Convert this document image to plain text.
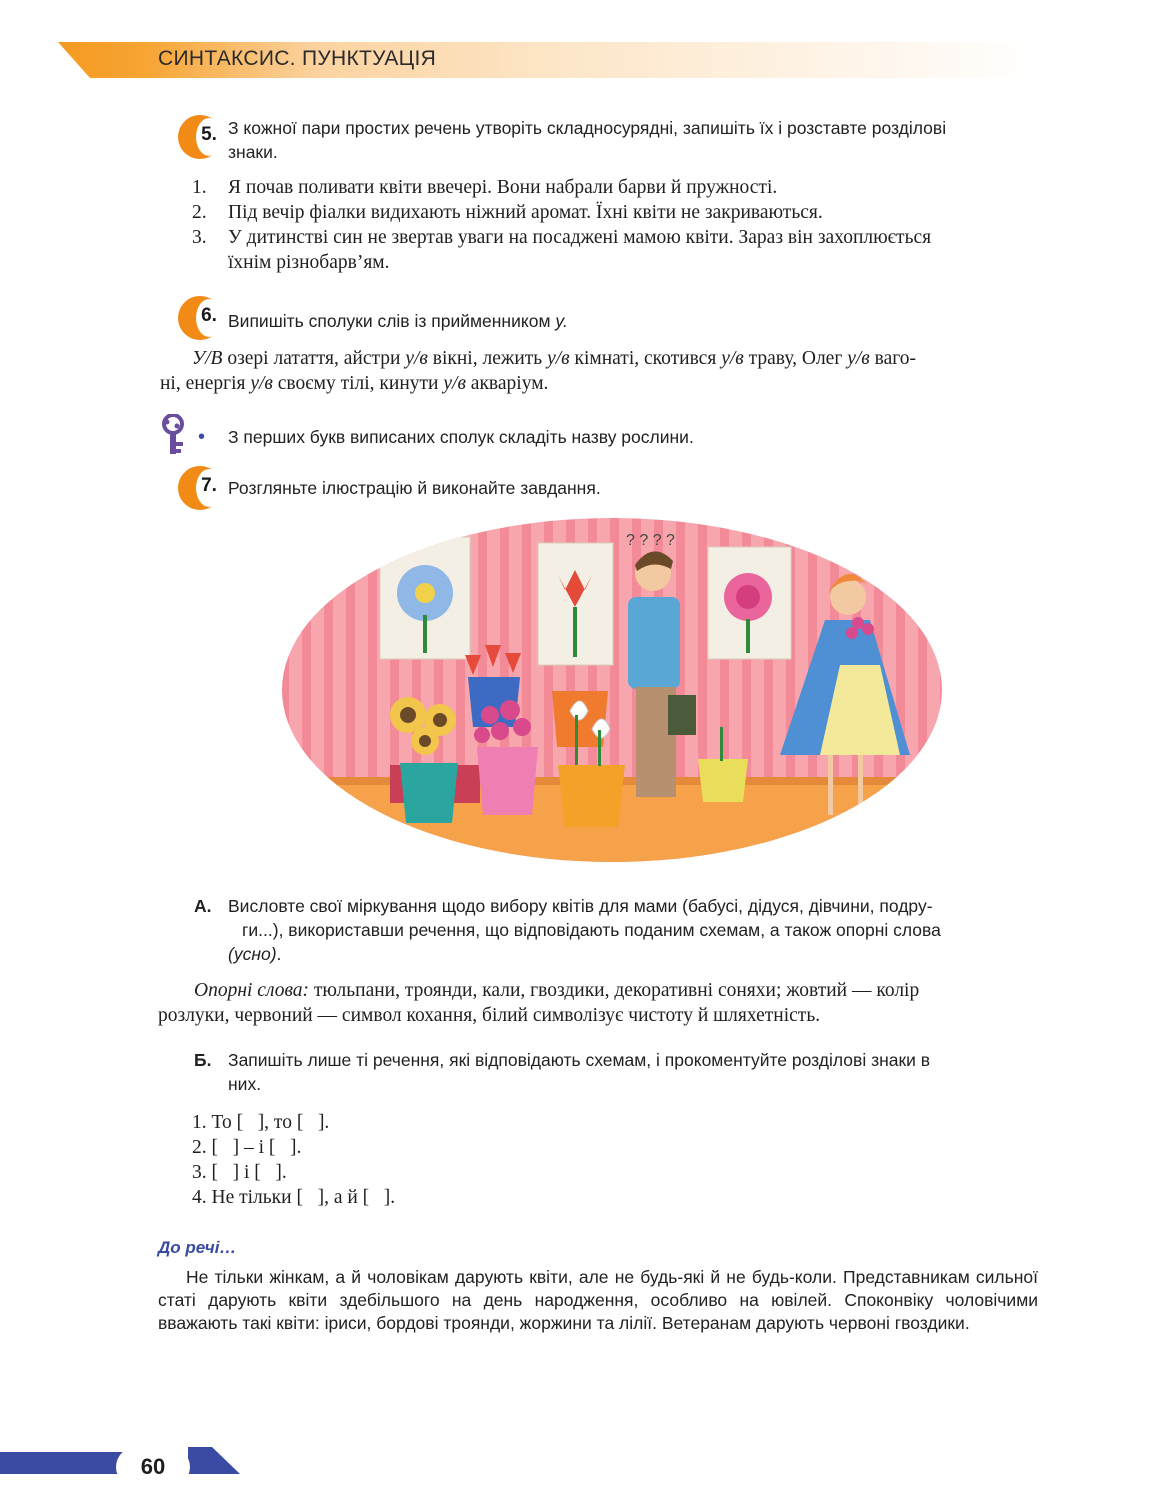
СИНТАКСИС. ПУНКТУАЦІЯ
5. З кожної пари простих речень утворіть складносурядні, запишіть їх і розставте розділові
знаки.
1. Я почав поливати квіти ввечері. Вони набрали барви й пружності.
2. Під вечір фіалки видихають ніжний аромат. Їхні квіти не закриваються.
3. У дитинстві син не звертав уваги на посаджені мамою квіти. Зараз він захоплюється
їхнім різнобарв’ям.
6. Випишіть сполуки слів із прийменником у.
У/В озері латаття, айстри у/в вікні, лежить у/в кімнаті, скотився у/в траву, Олег у/в ваго-
ні, енергія у/в своєму тілі, кинути у/в акваріум.
• З перших букв виписаних сполук складіть назву рослини.
7. Розгляньте ілюстрацію й виконайте завдання.
? ? ? ?
А. Висловте свої міркування щодо вибору квітів для мами (бабусі, дідуся, дівчини, подру-
ги...), використавши речення, що відповідають поданим схемам, а також опорні слова
(усно).
Опорні слова: тюльпани, троянди, кали, гвоздики, декоративні соняхи; жовтий — колір
розлуки, червоний — символ кохання, білий символізує чистоту й шляхетність.
Б. Запишіть лише ті речення, які відповідають схемам, і прокоментуйте розділові знаки в
них.
1. То [   ], то [   ].
2. [   ] – і [   ].
3. [   ] і [   ].
4. Не тільки [   ], а й [   ].
До речі…
Не тільки жінкам, а й чоловікам дарують квіти, але не будь-які й не будь-коли. Представникам сильної статі дарують квіти здебільшого на день народження, особливо на ювілей. Споконвіку чоловічими вважають такі квіти: іриси, бордові троянди, жоржини та лілії. Ветеранам дарують червоні гвоздики.
60
